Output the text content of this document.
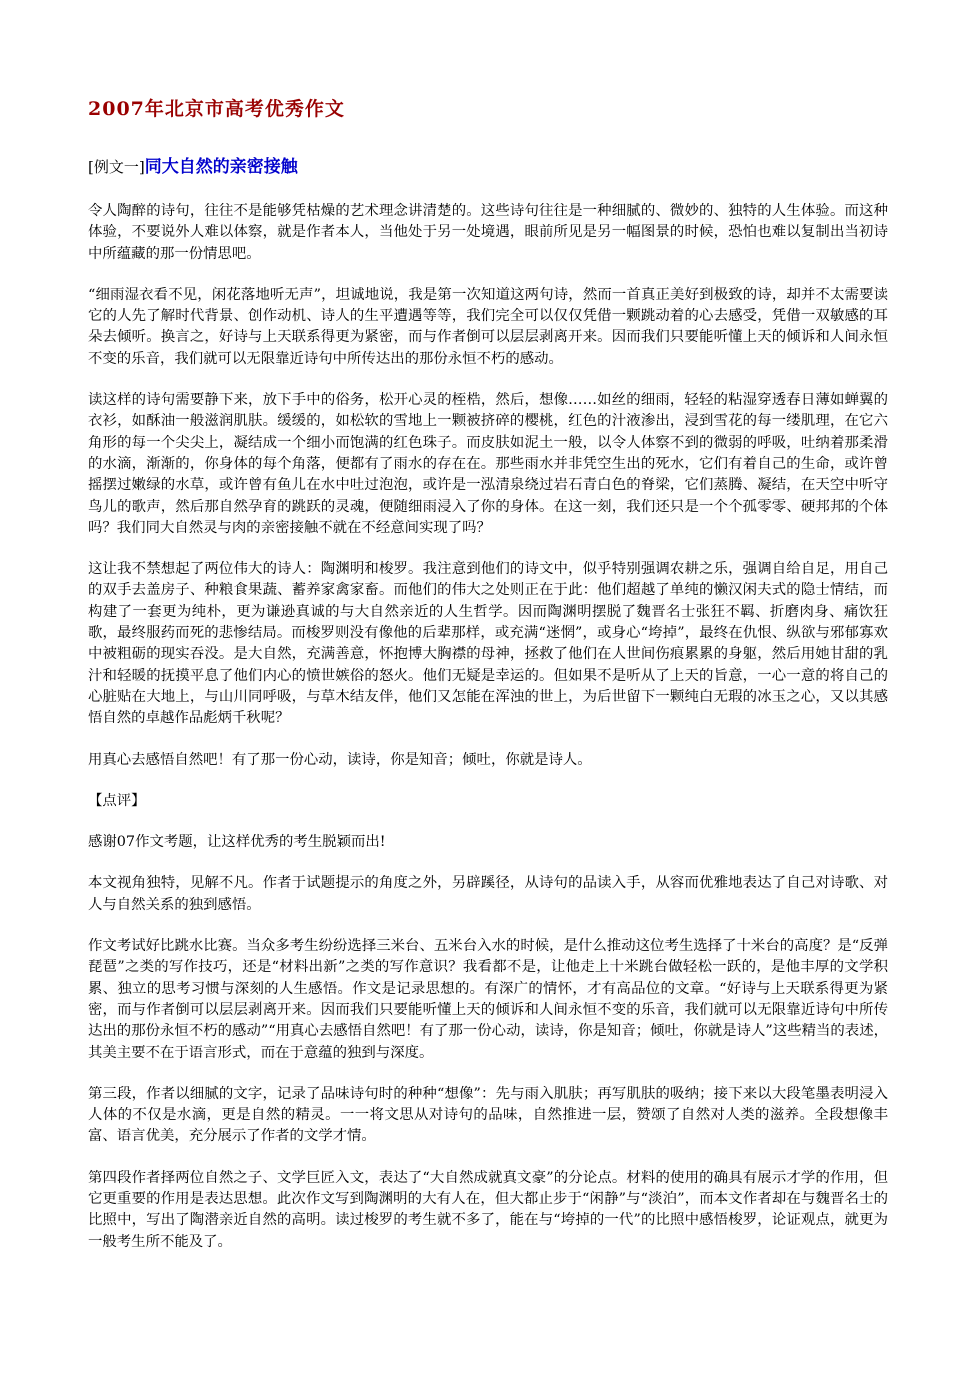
2007年北京市高考优秀作文
[例文一]同大自然的亲密接触

令人陶醉的诗句，往往不是能够凭枯燥的艺术理念讲清楚的。这些诗句往往是一种细腻的、微妙的、独特的人生体验。而这种体验，不要说外人难以体察，就是作者本人，当他处于另一处境遇，眼前所见是另一幅图景的时候，恐怕也难以复制出当初诗中所蕴藏的那一份情思吧。

“细雨湿衣看不见，闲花落地听无声”，坦诚地说，我是第一次知道这两句诗，然而一首真正美好到极致的诗，却并不太需要读它的人先了解时代背景、创作动机、诗人的生平遭遇等等，我们完全可以仅仅凭借一颗跳动着的心去感受，凭借一双敏感的耳朵去倾听。换言之，好诗与上天联系得更为紧密，而与作者倒可以层层剥离开来。因而我们只要能听懂上天的倾诉和人间永恒不变的乐音，我们就可以无限靠近诗句中所传达出的那份永恒不朽的感动。

读这样的诗句需要静下来，放下手中的俗务，松开心灵的桎梏，然后，想像……如丝的细雨，轻轻的粘湿穿透春日薄如蝉翼的衣衫，如酥油一般滋润肌肤。缓缓的，如松软的雪地上一颗被挤碎的樱桃，红色的汁液渗出，浸到雪花的每一缕肌理，在它六角形的每一个尖尖上，凝结成一个细小而饱满的红色珠子。而皮肤如泥土一般，以令人体察不到的微弱的呼吸，吐纳着那柔滑的水滴，渐渐的，你身体的每个角落，便都有了雨水的存在在。那些雨水并非凭空生出的死水，它们有着自己的生命，或许曾摇摆过嫩绿的水草，或许曾有鱼儿在水中吐过泡泡，或许是一泓清泉绕过岩石青白色的脊梁，它们蒸腾、凝结，在天空中听守鸟儿的歌声，然后那自然孕育的跳跃的灵魂，便随细雨浸入了你的身体。在这一刻，我们还只是一个个孤零零、硬邦邦的个体吗？我们同大自然灵与肉的亲密接触不就在不经意间实现了吗？

这让我不禁想起了两位伟大的诗人：陶渊明和梭罗。我注意到他们的诗文中，似乎特别强调农耕之乐，强调自给自足，用自己的双手去盖房子、种粮食果蔬、蓄养家禽家畜。而他们的伟大之处则正在于此：他们超越了单纯的懒汉闲夫式的隐士情结，而构建了一套更为纯朴，更为谦逊真诚的与大自然亲近的人生哲学。因而陶渊明摆脱了魏晋名士张狂不羁、折磨肉身、痛饮狂歌，最终服药而死的悲惨结局。而梭罗则没有像他的后辈那样，或充满“迷惘”，或身心“垮掉”，最终在仇恨、纵欲与邪郁寡欢中被粗砺的现实吞没。是大自然，充满善意，怀抱博大胸襟的母神，拯救了他们在人世间伤痕累累的身躯，然后用她甘甜的乳汁和轻暖的抚摸平息了他们内心的愤世嫉俗的怒火。他们无疑是幸运的。但如果不是听从了上天的旨意，一心一意的将自己的心脏贴在大地上，与山川同呼吸，与草木结友伴，他们又怎能在浑浊的世上，为后世留下一颗纯白无瑕的冰玉之心，又以其感悟自然的卓越作品彪炳千秋呢？

用真心去感悟自然吧！有了那一份心动，读诗，你是知音；倾吐，你就是诗人。

【点评】

感谢07作文考题，让这样优秀的考生脱颖而出!

本文视角独特，见解不凡。作者于试题提示的角度之外，另辟蹊径，从诗句的品读入手，从容而优雅地表达了自己对诗歌、对人与自然关系的独到感悟。

作文考试好比跳水比赛。当众多考生纷纷选择三米台、五米台入水的时候，是什么推动这位考生选择了十米台的高度？是“反弹琵琶”之类的写作技巧，还是“材料出新”之类的写作意识？我看都不是，让他走上十米跳台做轻松一跃的，是他丰厚的文学积累、独立的思考习惯与深刻的人生感悟。作文是记录思想的。有深广的情怀，才有高品位的文章。“好诗与上天联系得更为紧密，而与作者倒可以层层剥离开来。因而我们只要能听懂上天的倾诉和人间永恒不变的乐音，我们就可以无限靠近诗句中所传达出的那份永恒不朽的感动”“用真心去感悟自然吧！有了那一份心动，读诗，你是知音；倾吐，你就是诗人”这些精当的表述，其美主要不在于语言形式，而在于意蕴的独到与深度。

第三段，作者以细腻的文字，记录了品味诗句时的种种“想像”：先与雨入肌肤；再写肌肤的吸纳；接下来以大段笔墨表明浸入人体的不仅是水滴，更是自然的精灵。一一将文思从对诗句的品味，自然推进一层，赞颂了自然对人类的滋养。全段想像丰富、语言优美，充分展示了作者的文学才情。

第四段作者择两位自然之子、文学巨匠入文，表达了“大自然成就真文豪”的分论点。材料的使用的确具有展示才学的作用，但它更重要的作用是表达思想。此次作文写到陶渊明的大有人在，但大都止步于“闲静”与“淡泊”，而本文作者却在与魏晋名士的比照中，写出了陶潜亲近自然的高明。读过梭罗的考生就不多了，能在与“垮掉的一代”的比照中感悟梭罗，论证观点，就更为一般考生所不能及了。
